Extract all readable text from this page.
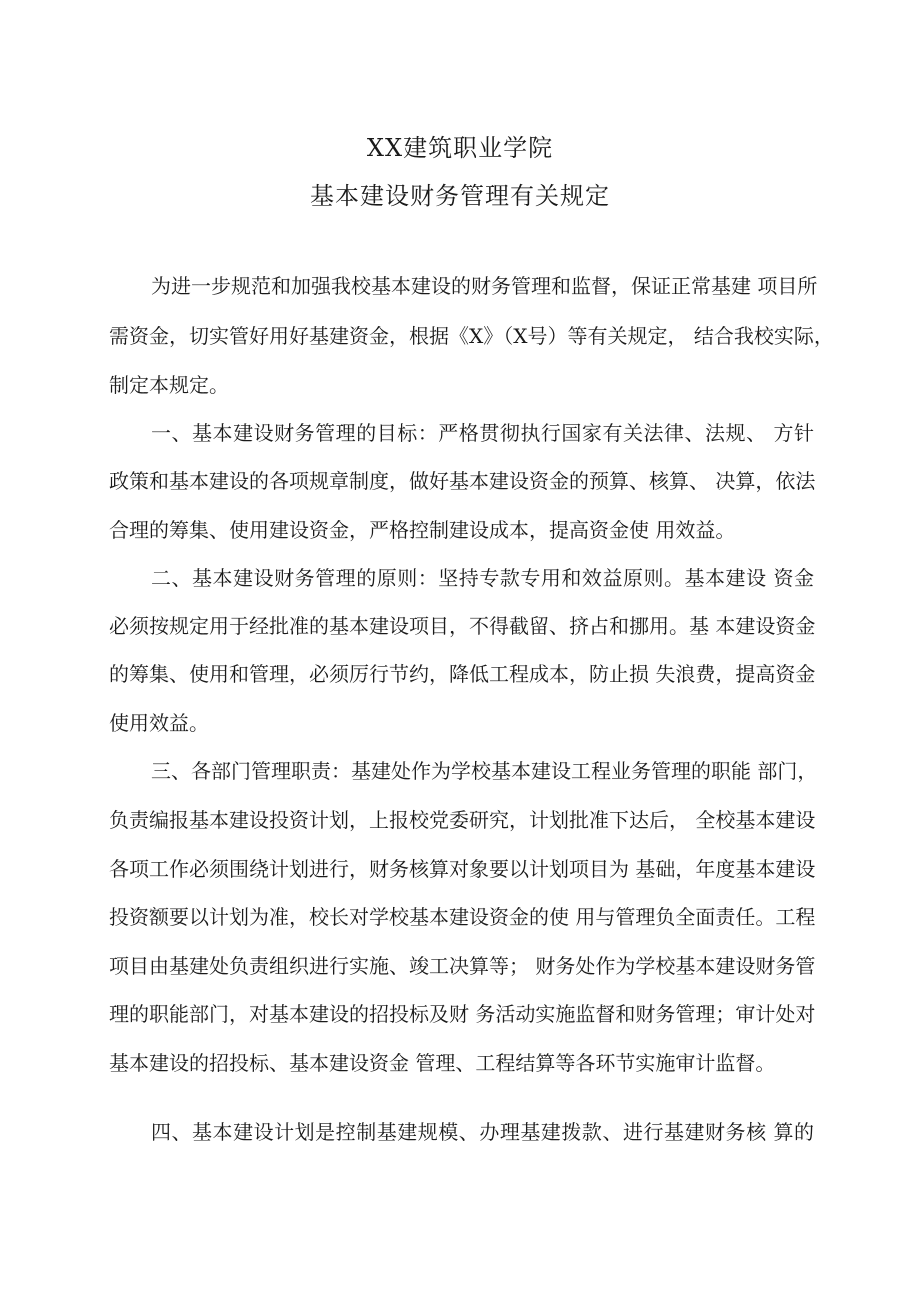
XX建筑职业学院
基本建设财务管理有关规定

为进一步规范和加强我校基本建设的财务管理和监督，保证正常基建 项目所

需资金，切实管好用好基建资金，根据《X》（X号）等有关规定， 结合我校实际，

制定本规定。

一、基本建设财务管理的目标：严格贯彻执行国家有关法律、法规、 方针

政策和基本建设的各项规章制度，做好基本建设资金的预算、核算、 决算，依法

合理的筹集、使用建设资金，严格控制建设成本，提高资金使 用效益。

二、基本建设财务管理的原则：坚持专款专用和效益原则。基本建设 资金

必须按规定用于经批准的基本建设项目，不得截留、挤占和挪用。基 本建设资金

的筹集、使用和管理，必须厉行节约，降低工程成本，防止损 失浪费，提高资金

使用效益。

三、各部门管理职责：基建处作为学校基本建设工程业务管理的职能 部门，

负责编报基本建设投资计划，上报校党委研究，计划批准下达后， 全校基本建设

各项工作必须围绕计划进行，财务核算对象要以计划项目为 基础，年度基本建设

投资额要以计划为准，校长对学校基本建设资金的使 用与管理负全面责任。工程

项目由基建处负责组织进行实施、竣工决算等； 财务处作为学校基本建设财务管

理的职能部门，对基本建设的招投标及财 务活动实施监督和财务管理；审计处对

基本建设的招投标、基本建设资金 管理、工程结算等各环节实施审计监督。

四、基本建设计划是控制基建规模、办理基建拨款、进行基建财务核 算的
